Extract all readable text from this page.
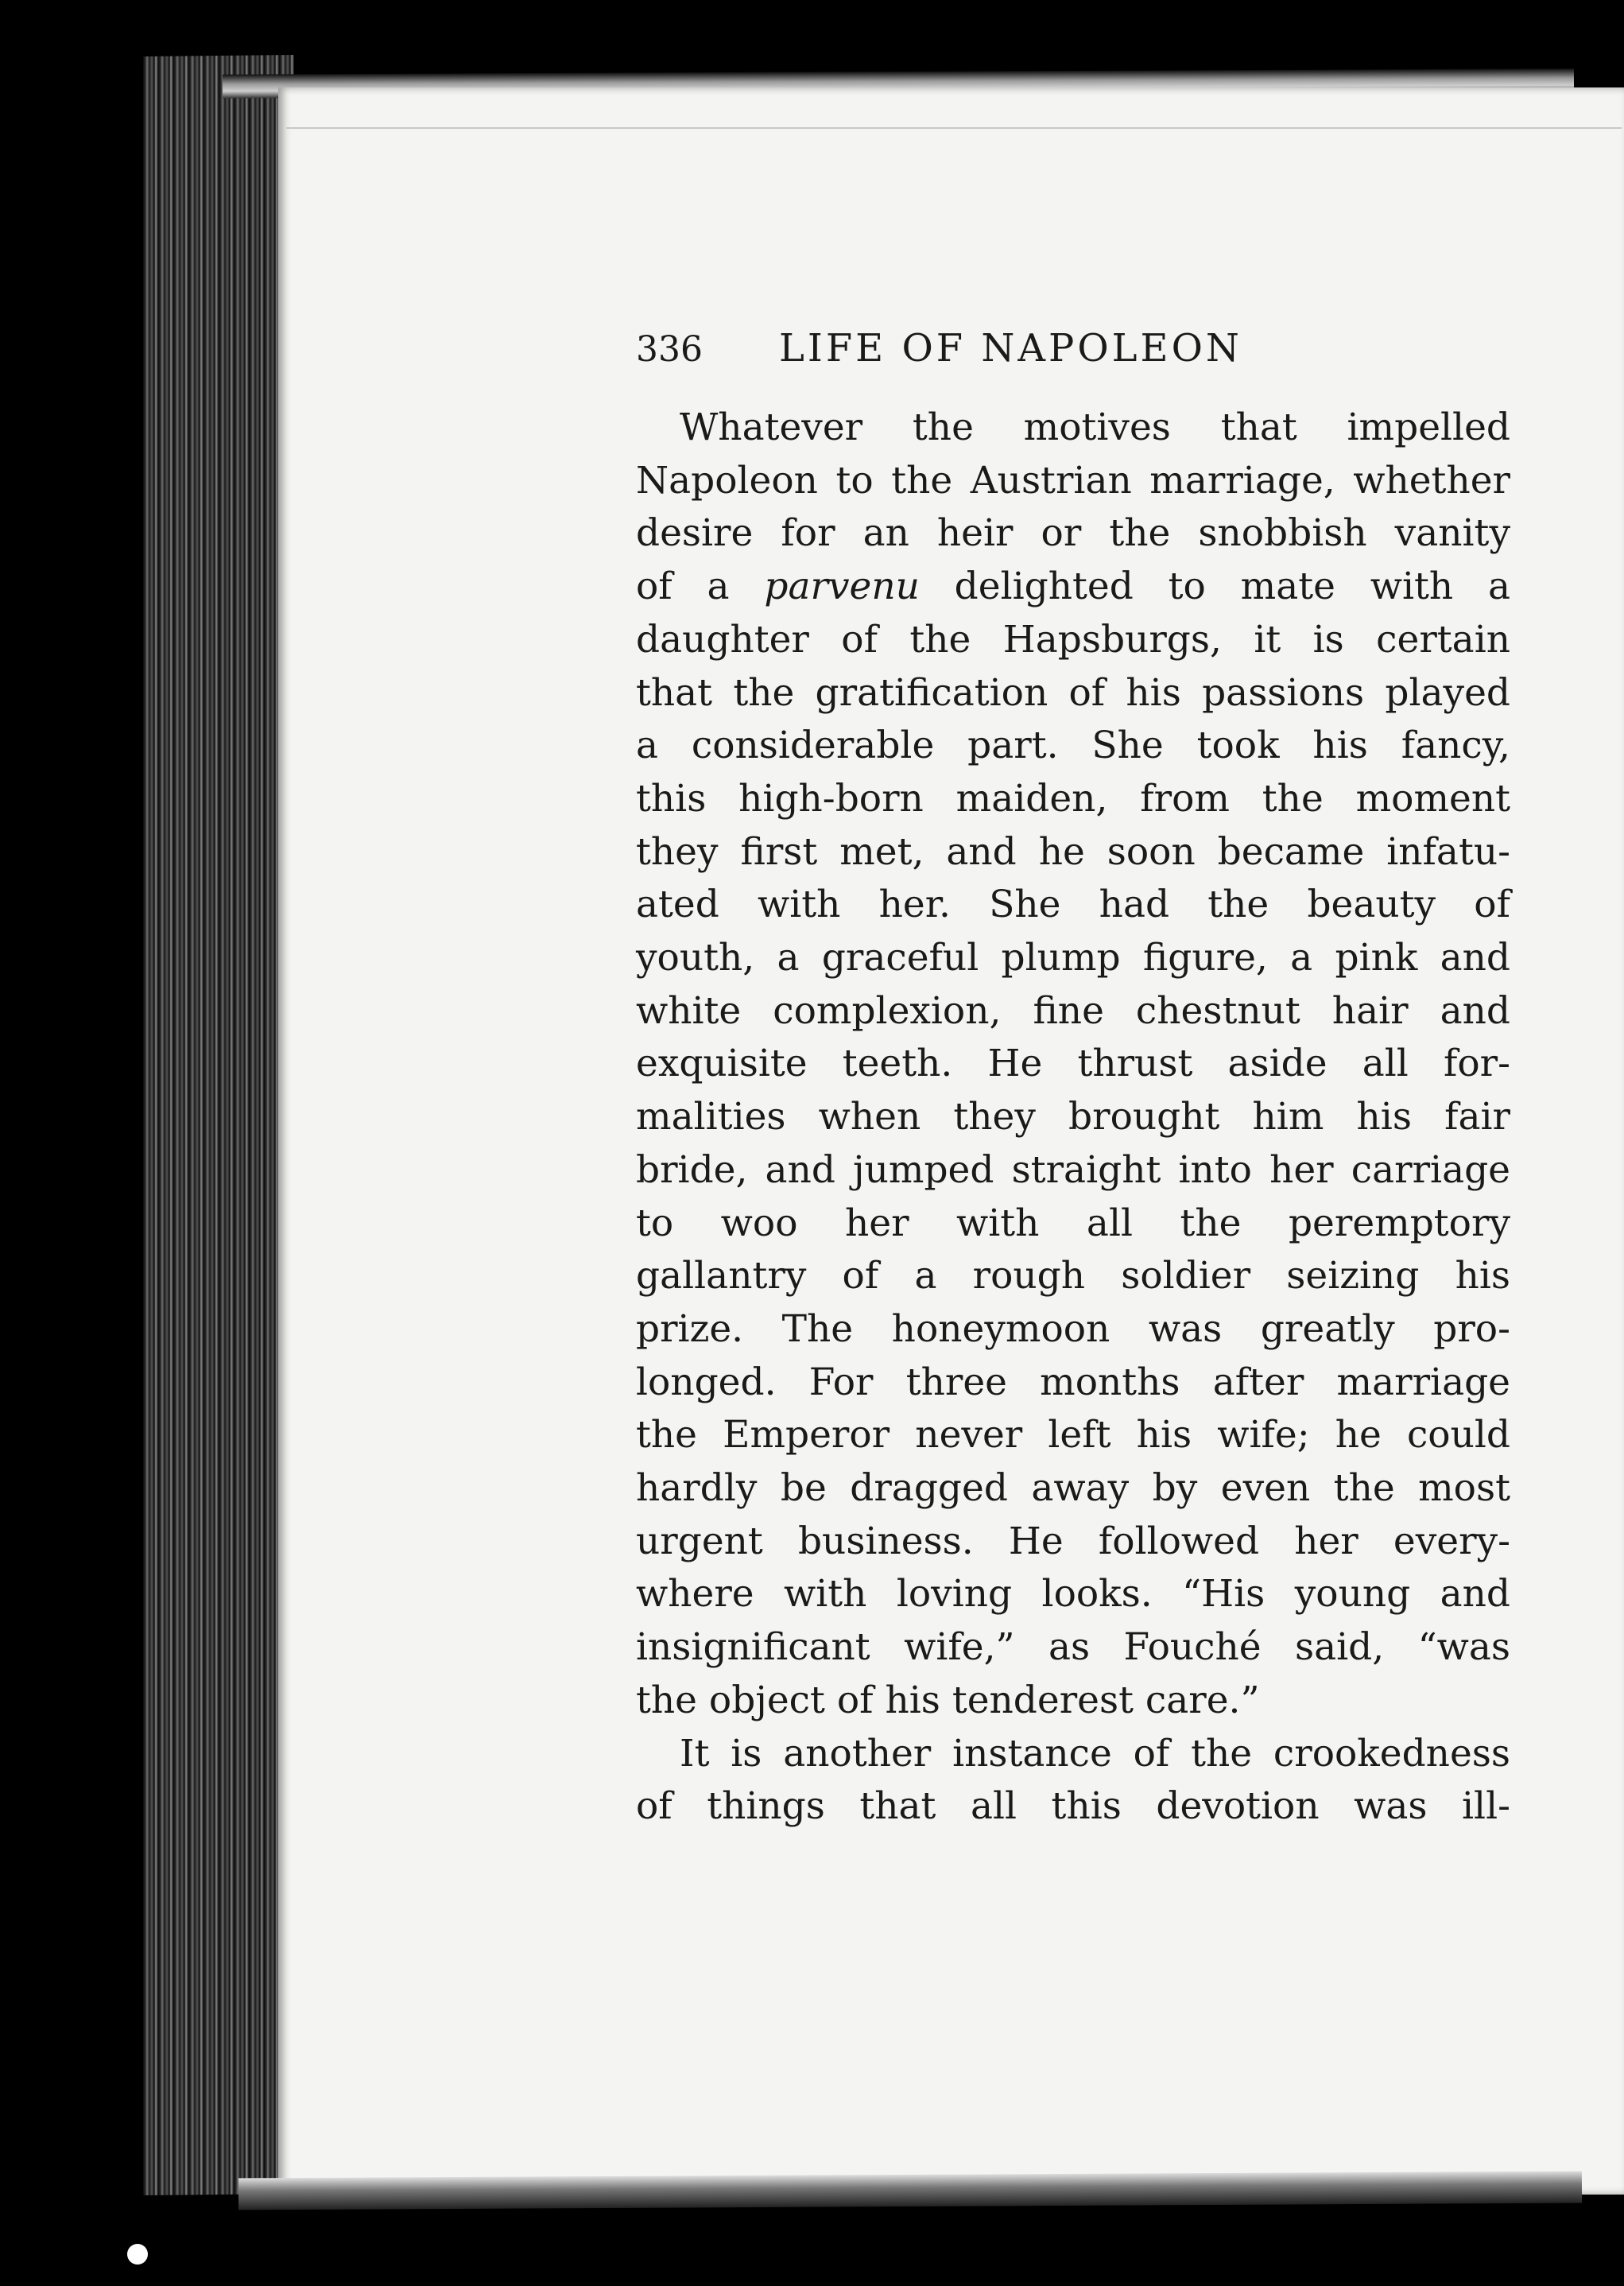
336	LIFE OF NAPOLEON
Whatever the motives that impelled
Napoleon to the Austrian marriage, whether
desire for an heir or the snobbish vanity
of a parvenu delighted to mate with a
daughter of the Hapsburgs, it is certain
that the gratification of his passions played
a considerable part. She took his fancy,
this high-born maiden, from the moment
they first met, and he soon became infatu-
ated with her. She had the beauty of
youth, a graceful plump figure, a pink and
white complexion, fine chestnut hair and
exquisite teeth. He thrust aside all for-
malities when they brought him his fair
bride, and jumped straight into her carriage
to woo her with all the peremptory
gallantry of a rough soldier seizing his
prize. The honeymoon was greatly pro-
longed. For three months after marriage
the Emperor never left his wife; he could
hardly be dragged away by even the most
urgent business. He followed her every-
where with loving looks. “His young and
insignificant wife,” as Fouché said, “was
the object of his tenderest care.”
It is another instance of the crookedness
of things that all this devotion was ill-
